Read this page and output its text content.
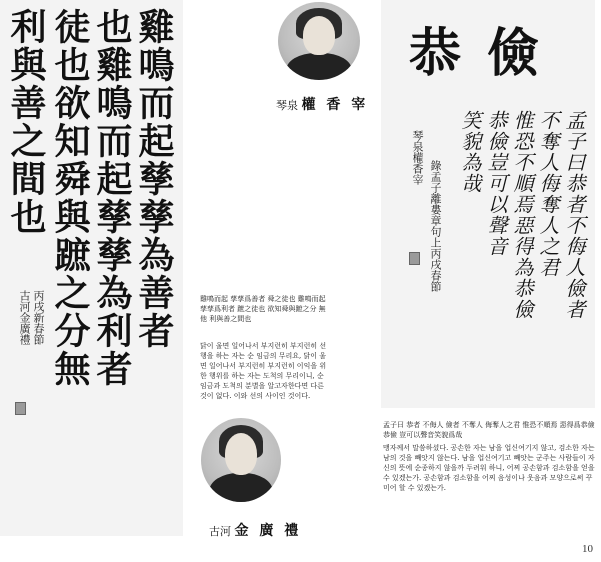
雞鳴而起孳孳為善者
也雞鳴而起孳孳為利者
徒也欲知舜與蹠之分無
利與善之間也
丙戌新春節
古河金廣禮
琴泉 權 香 宰

雞鳴而起 孳孳爲善者 舜之徒也 雞鳴而起 孳孳爲利者 蹠之徒也 欲知舜與蹠之分 無他 利與善之間也

닭이 울면 일어나서 부지런히 부지런히 선행을 하는 자는 순 임금의 무리요, 닭이 울면 일어나서 부지런히 부지런히 이익을 위한 행위를 하는 자는 도척의 무리이니, 순 임금과 도척의 분별을 알고자한다면 다른 것이 없다. 이와 선의 사이인 것이다.

古河 金 廣 禮
恭儉
孟子曰恭者不侮人儉者
不奪人侮奪人之君
惟恐不順焉惡得為恭儉
恭儉豈可以聲音
笑貌為哉
錄孟子離婁章句上丙戌春節
琴泉權香宰

孟子曰 恭者 不侮人 儉者 不奪人 侮奪人之君 惟恐不順焉 惡得爲恭儉 恭儉 豈可以聲音笑貌爲哉

맹자께서 말씀하셨다. 공손한 자는 남을 업신여기지 않고, 검소한 자는 남의 것을 빼앗지 않는다. 남을 업신여기고 빼앗는 군주는 사람들이 자신의 뜻에 순종하지 않을까 두려워 하니, 어찌 공손함과 검소함을 얻을 수 있겠는가. 공손함과 검소함을 어찌 음성이나 웃음과 모양으로써 꾸미어 할 수 있겠는가.

10
